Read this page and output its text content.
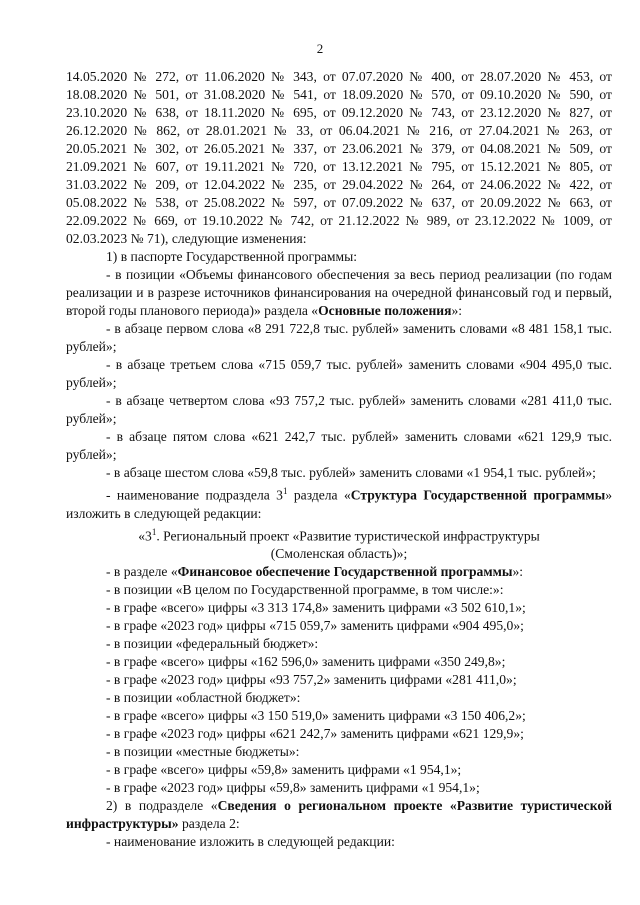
2

14.05.2020 № 272, от 11.06.2020 № 343, от 07.07.2020 № 400, от 28.07.2020 № 453, от 18.08.2020 № 501, от 31.08.2020 № 541, от 18.09.2020 № 570, от 09.10.2020 № 590, от 23.10.2020 № 638, от 18.11.2020 № 695, от 09.12.2020 № 743, от 23.12.2020 № 827, от 26.12.2020 № 862, от 28.01.2021 № 33, от 06.04.2021 № 216, от 27.04.2021 № 263, от 20.05.2021 № 302, от 26.05.2021 № 337, от 23.06.2021 № 379, от 04.08.2021 № 509, от 21.09.2021 № 607, от 19.11.2021 № 720, от 13.12.2021 № 795, от 15.12.2021 № 805, от 31.03.2022 № 209, от 12.04.2022 № 235, от 29.04.2022 № 264, от 24.06.2022 № 422, от 05.08.2022 № 538, от 25.08.2022 № 597, от 07.09.2022 № 637, от 20.09.2022 № 663, от 22.09.2022 № 669, от 19.10.2022 № 742, от 21.12.2022 № 989, от 23.12.2022 № 1009, от 02.03.2023 № 71), следующие изменения:

1) в паспорте Государственной программы:

- в позиции «Объемы финансового обеспечения за весь период реализации (по годам реализации и в разрезе источников финансирования на очередной финансовый год и первый, второй годы планового периода)» раздела «Основные положения»:

- в абзаце первом слова «8 291 722,8 тыс. рублей» заменить словами «8 481 158,1 тыс. рублей»;

- в абзаце третьем слова «715 059,7 тыс. рублей» заменить словами «904 495,0 тыс. рублей»;

- в абзаце четвертом слова «93 757,2 тыс. рублей» заменить словами «281 411,0 тыс. рублей»;

- в абзаце пятом слова «621 242,7 тыс. рублей» заменить словами «621 129,9 тыс. рублей»;

- в абзаце шестом слова «59,8 тыс. рублей» заменить словами «1 954,1 тыс. рублей»;

- наименование подраздела $3^1$ раздела «Структура Государственной программы» изложить в следующей редакции:

«$3^1$. Региональный проект «Развитие туристической инфраструктуры

(Смоленская область)»;

- в разделе «Финансовое обеспечение Государственной программы»:

- в позиции «В целом по Государственной программе, в том числе:»:

- в графе «всего» цифры «3 313 174,8» заменить цифрами «3 502 610,1»;

- в графе «2023 год» цифры «715 059,7» заменить цифрами «904 495,0»;

- в позиции «федеральный бюджет»:

- в графе «всего» цифры «162 596,0» заменить цифрами «350 249,8»;

- в графе «2023 год» цифры «93 757,2» заменить цифрами «281 411,0»;

- в позиции «областной бюджет»:

- в графе «всего» цифры «3 150 519,0» заменить цифрами «3 150 406,2»;

- в графе «2023 год» цифры «621 242,7» заменить цифрами «621 129,9»;

- в позиции «местные бюджеты»:

- в графе «всего» цифры «59,8» заменить цифрами «1 954,1»;

- в графе «2023 год» цифры «59,8» заменить цифрами «1 954,1»;

2) в подразделе «Сведения о региональном проекте «Развитие туристической инфраструктуры» раздела 2:

- наименование изложить в следующей редакции:
